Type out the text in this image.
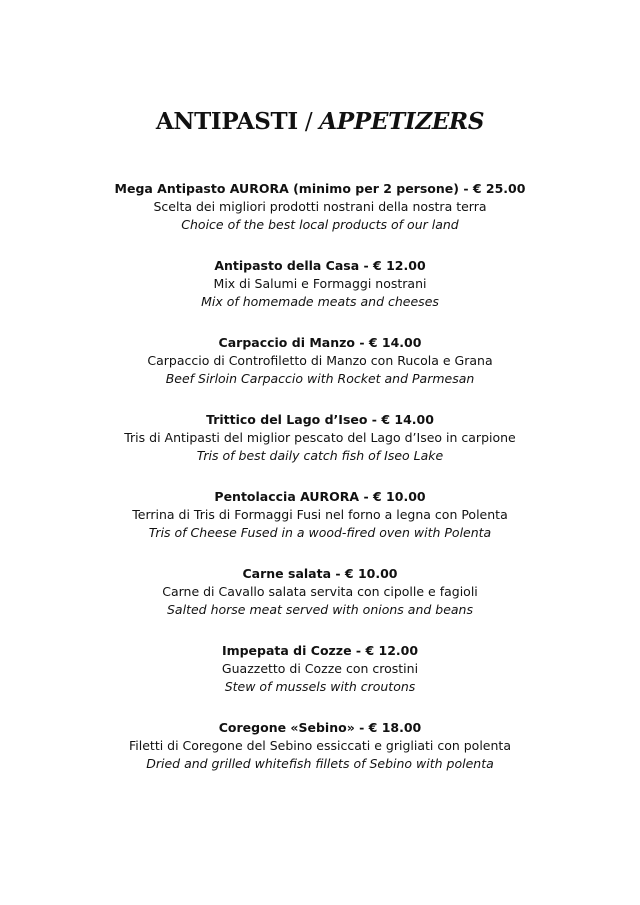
ANTIPASTI / APPETIZERS
Mega Antipasto AURORA (minimo per 2 persone) - € 25.00
Scelta dei migliori prodotti nostrani della nostra terra
Choice of the best local products of our land
Antipasto della Casa - € 12.00
Mix di Salumi e Formaggi nostrani
Mix of homemade meats and cheeses
Carpaccio di Manzo - € 14.00
Carpaccio di Controfiletto di Manzo con Rucola e Grana
Beef Sirloin Carpaccio with Rocket and Parmesan
Trittico del Lago d’Iseo - € 14.00
Tris di Antipasti del miglior pescato del Lago d’Iseo in carpione
Tris of best daily catch fish of Iseo Lake
Pentolaccia AURORA - € 10.00
Terrina di Tris di Formaggi Fusi nel forno a legna con Polenta
Tris of Cheese Fused in a wood-fired oven with Polenta
Carne salata - € 10.00
Carne di Cavallo salata servita con cipolle e fagioli
Salted horse meat served with onions and beans
Impepata di Cozze - € 12.00
Guazzetto di Cozze con crostini
Stew of mussels with croutons
Coregone «Sebino» - € 18.00
Filetti di Coregone del Sebino essiccati e grigliati con polenta
Dried and grilled whitefish fillets of Sebino with polenta
